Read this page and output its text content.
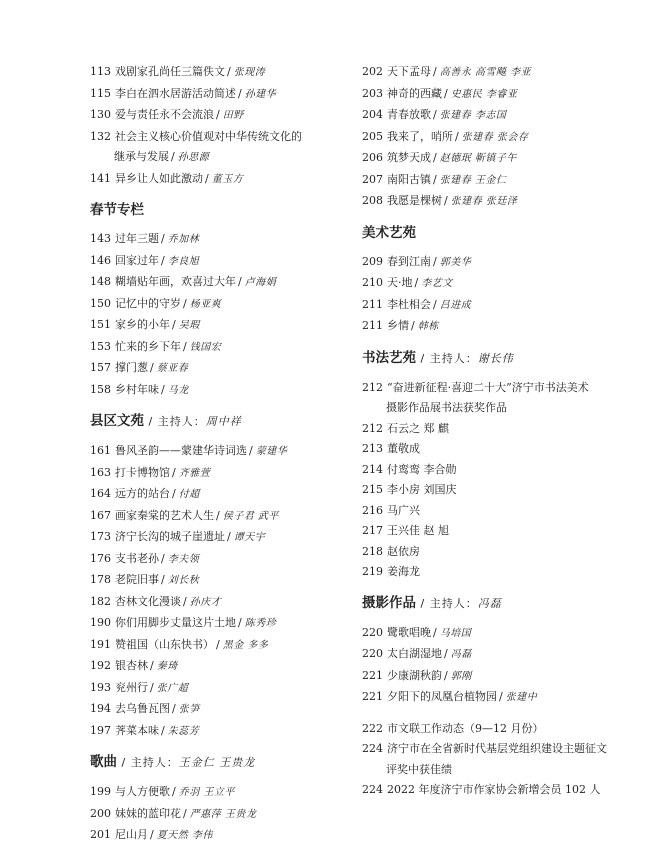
113 戏剧家孔尚任三篇佚文 / 张现涛
115 李白在泗水居游活动简述 / 孙建华
130 爱与责任永不会流浪 / 田野
132 社会主义核心价值观对中华传统文化的
继承与发展 / 孙思源
141 异乡让人如此激动 / 董玉方
春节专栏
143 过年三题 / 乔加林
146 回家过年 / 李良旭
148 糊墙贴年画，欢喜过大年 / 卢海娟
150 记忆中的守岁 / 杨亚爽
151 家乡的小年 / 吴瑕
153 忙来的乡下年 / 钱国宏
157 撑门葱 / 蔡亚春
158 乡村年味 / 马龙
县区文苑 / 主持人：周中祥
161 鲁风圣韵——蒙建华诗词选 / 蒙建华
163 打卡博物馆 / 齐雅萱
164 远方的站台 / 付超
167 画家秦棠的艺术人生 / 侯子君 武平
173 济宁长沟的城子崖遗址 / 谭天宇
176 支书老孙 / 李夫领
178 老院旧事 / 刘长秋
182 杏林文化漫谈 / 孙庆才
190 你们用脚步丈量这片土地 / 陈秀珍
191 赞祖国（山东快书） / 黑金 多多
192 银杏林 / 秦琦
193 兖州行 / 张广超
194 去乌鲁瓦图 / 张笋
197 荠菜本味 / 朱蕊芳
歌曲 / 主持人：王金仁 王贵龙
199 与人方便歌 / 乔羽 王立平
200 妹妹的蓝印花 / 严惠萍 王贵龙
201 尼山月 / 夏天然 李伟
202 天下孟母 / 高善永 高雪飚 李亚
203 神奇的西藏 / 史惠民 李睿亚
204 青春放歌 / 张建春 李志国
205 我来了，哨所 / 张建春 张会存
206 筑梦天成 / 赵德珉 靳镇子午
207 南阳古镇 / 张建春 王金仁
208 我愿是棵树 / 张建春 张廷泽
美术艺苑
209 春到江南 / 郭美华
210 天·地 / 李艺文
211 李杜相会 / 吕进成
211 乡情 / 韩栋
书法艺苑 / 主持人：谢长伟
212 “奋进新征程·喜迎二十大”济宁市书法美术
摄影作品展书法获奖作品
212 石云之 郑 麒
213 董敬成
214 付鸾鸾 李合勋
215 李小房 刘国庆
216 马广兴
217 王兴佳 赵 旭
218 赵依房
219 姜海龙
摄影作品 / 主持人：冯磊
220 鹭歌唱晚 / 马培国
220 太白湖湿地 / 冯磊
221 少康湖秋韵 / 郭刚
221 夕阳下的凤凰台植物园 / 张建中
222 市文联工作动态（9—12 月份）
224 济宁市在全省新时代基层党组织建设主题征文
评奖中获佳绩
224 2022 年度济宁市作家协会新增会员 102 人
